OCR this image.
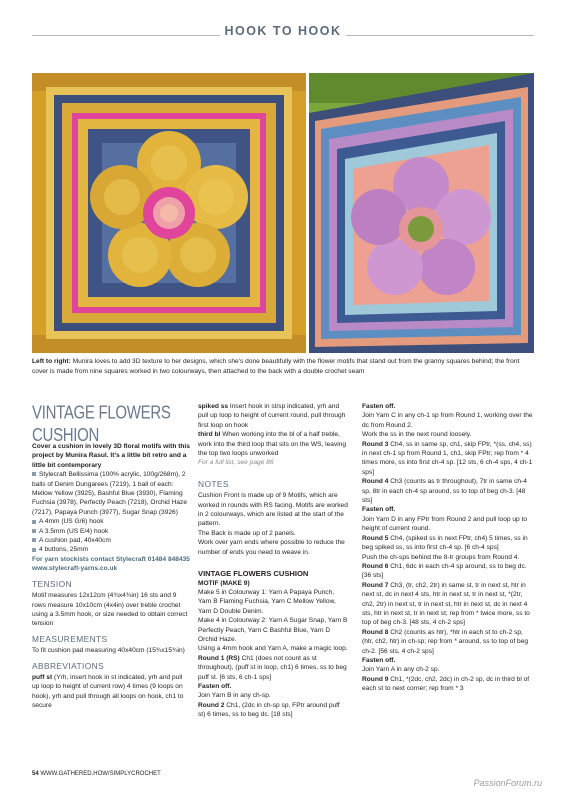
HOOK TO HOOK
Left to right: Munira loves to add 3D texture to her designs, which she’s done beautifully with the flower motifs that stand out from the granny squares behind; the front cover is made from nine squares worked in two colourways, then attached to the back with a double crochet seam
VINTAGE FLOWERS CUSHION

Cover a cushion in lovely 3D floral motifs with this project by Munira Rasul. It’s a little bit retro and a little bit contemporary

Stylecraft Bellissima (100% acrylic, 100g/268m), 2 balls of Denim Dungarees (7219), 1 ball of each: Mellow Yellow (3925), Bashful Blue (3930), Flaming Fuchsia (3978), Perfectly Peach (7218), Orchid Haze (7217), Papaya Punch (3977), Sugar Snap (3926)

A 4mm (US G/6) hook

A 3.5mm (US E/4) hook

A cushion pad, 40x40cm

4 buttons, 25mm

For yarn stockists contact Stylecraft 01484 848435 www.stylecraft-yarns.co.uk

TENSION

Motif measures 12x12cm (4¾x4¾in) 16 sts and 9 rows measure 10x10cm (4x4in) over treble crochet using a 3.5mm hook, or size needed to obtain correct tension

MEASUREMENTS

To fit cushion pad measuring 40x40cm (15¾x15¾in)

ABBREVIATIONS

puff st (Yrh, insert hook in st indicated, yrh and pull up loop to height of current row) 4 times (9 loops on hook), yrh and pull through all loops on hook, ch1 to secure

spiked ss Insert hook in st/sp indicated, yrh and pull up loop to height of current round, pull through first loop on hook

third bl When working into the bl of a half treble, work into the third loop that sits on the WS, leaving the top two loops unworked

For a full list, see page 86

NOTES

Cushion Front is made up of 9 Motifs, which are worked in rounds with RS facing. Motifs are worked in 2 colourways, which are listed at the start of the pattern.

The Back is made up of 2 panels.

Work over yarn ends where possible to reduce the number of ends you need to weave in.

VINTAGE FLOWERS CUSHION
MOTIF (MAKE 9)

Make 5 in Colourway 1: Yarn A Papaya Punch, Yarn B Flaming Fuchsia, Yarn C Mellow Yellow, Yarn D Double Denim.

Make 4 in Colourway 2: Yarn A Sugar Snap, Yarn B Perfectly Peach, Yarn C Bashful Blue, Yarn D Orchid Haze.

Using a 4mm hook and Yarn A, make a magic loop.

Round 1 (RS) Ch1 (does not count as st throughout), (puff st in loop, ch1) 6 times, ss to beg puff st. [6 sts, 6 ch-1 sps]

Fasten off.

Join Yarn B in any ch-sp.

Round 2 Ch1, (2dc in ch-sp sp, FPtr around puff st) 6 times, ss to beg dc. [18 sts]

Fasten off.

Join Yarn C in any ch-1 sp from Round 1, working over the dc from Round 2.

Work the ss in the next round loosely.

Round 3 Ch4, ss in same sp, ch1, skip FPtr, *(ss, ch4, ss) in next ch-1 sp from Round 1, ch1, skip FPtr; rep from * 4 times more, ss into first ch-4 sp. [12 sts, 6 ch-4 sps, 4 ch-1 sps]

Round 4 Ch3 (counts as tr throughout), 7tr in same ch-4 sp, 8tr in each ch-4 sp around, ss to top of beg ch-3. [48 sts]

Fasten off.

Join Yarn D in any FPtr from Round 2 and pull loop up to height of current round.

Round 5 Ch4, (spiked ss in next FPtr, ch4) 5 times, ss in beg spiked ss, ss into first ch-4 sp. [6 ch-4 sps]

Push the ch-sps behind the 8-tr groups from Round 4.

Round 6 Ch1, 6dc in each ch-4 sp around, ss to beg dc. [36 sts]

Round 7 Ch3, (tr, ch2, 2tr) in same st, tr in next st, htr in next st, dc in next 4 sts, htr in next st, tr in next st, *(2tr, ch2, 2tr) in next st, tr in next st, htr in next st, dc in next 4 sts, htr in next st, tr in next st; rep from * twice more, ss to top of beg ch-3. [48 sts, 4 ch-2 sps]

Round 8 Ch2 (counts as htr), *htr in each st to ch-2 sp, (htr, ch2, htr) in ch-sp; rep from * around, ss to top of beg ch-2. [56 sts, 4 ch-2 sps]

Fasten off.

Join Yarn A in any ch-2 sp.

Round 9 Ch1, *(2dc, ch2, 2dc) in ch-2 sp, dc in third bl of each st to next corner; rep from * 3

54 WWW.GATHERED.HOW/SIMPLYCROCHET
PassionForum.ru
